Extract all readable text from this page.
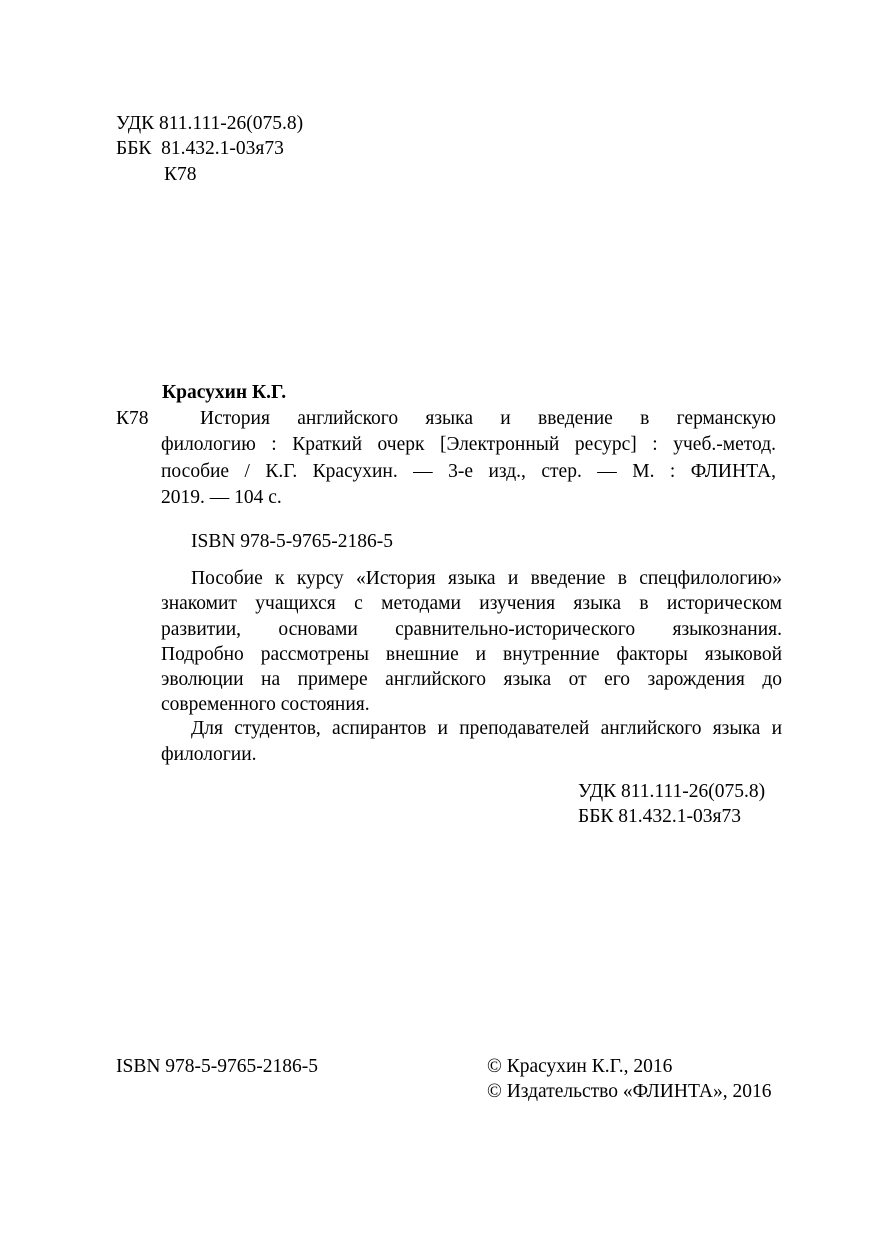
УДК 811.111-26(075.8)
ББК  81.432.1-03я73
К78
Красухин К.Г.
К78	История английского языка и введение в германскую
филологию : Краткий очерк [Электронный ресурс] : учеб.-метод.
пособие / К.Г. Красухин. — 3-е изд., стер. — М. : ФЛИНТА,
2019. — 104 с.
ISBN 978-5-9765-2186-5
Пособие к курсу «История языка и введение в спецфилологию»
знакомит учащихся с методами изучения языка в историческом
развитии, основами сравнительно-исторического языкознания.
Подробно рассмотрены внешние и внутренние факторы языковой
эволюции на примере английского языка от его зарождения до
современного состояния.
Для студентов, аспирантов и преподавателей английского языка и
филологии.
УДК 811.111-26(075.8)
ББК 81.432.1-03я73
ISBN 978-5-9765-2186-5	© Красухин К.Г., 2016
© Издательство «ФЛИНТА», 2016
